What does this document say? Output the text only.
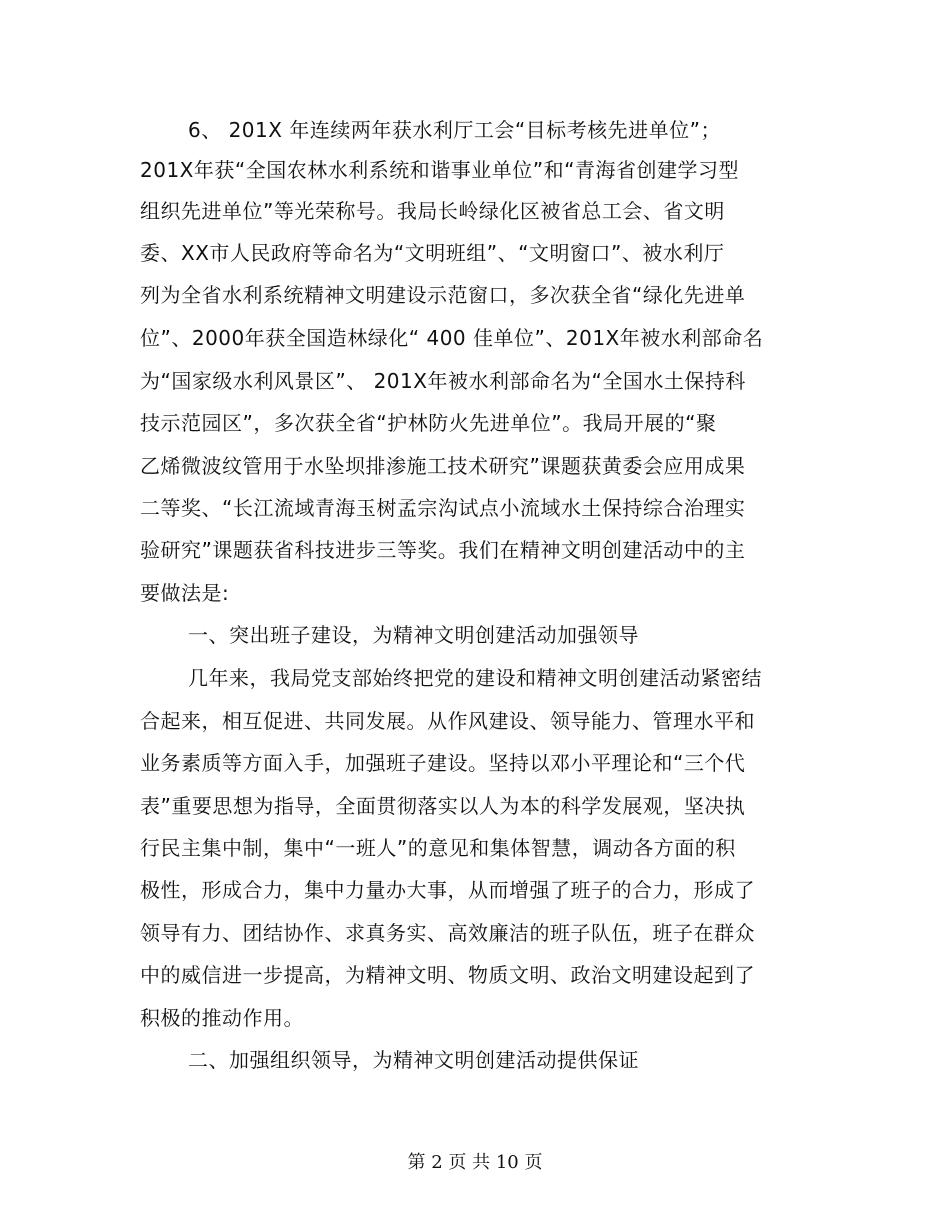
6、 201X 年连续两年获水利厅工会“目标考核先进单位”；
201X年获“全国农林水利系统和谐事业单位”和“青海省创建学习型
组织先进单位”等光荣称号。我局长岭绿化区被省总工会、省文明
委、XX市人民政府等命名为“文明班组”、“文明窗口”、被水利厅
列为全省水利系统精神文明建设示范窗口，多次获全省“绿化先进单
位”、2000年获全国造林绿化“ 400 佳单位”、201X年被水利部命名
为“国家级水利风景区”、 201X年被水利部命名为“全国水土保持科
技示范园区”，多次获全省“护林防火先进单位”。我局开展的“聚
乙烯微波纹管用于水坠坝排渗施工技术研究”课题获黄委会应用成果
二等奖、“长江流域青海玉树孟宗沟试点小流域水土保持综合治理实
验研究”课题获省科技进步三等奖。我们在精神文明创建活动中的主
要做法是:
一、突出班子建设，为精神文明创建活动加强领导
几年来，我局党支部始终把党的建设和精神文明创建活动紧密结
合起来，相互促进、共同发展。从作风建设、领导能力、管理水平和
业务素质等方面入手，加强班子建设。坚持以邓小平理论和“三个代
表”重要思想为指导，全面贯彻落实以人为本的科学发展观，坚决执
行民主集中制，集中“一班人”的意见和集体智慧，调动各方面的积
极性，形成合力，集中力量办大事，从而增强了班子的合力，形成了
领导有力、团结协作、求真务实、高效廉洁的班子队伍，班子在群众
中的威信进一步提高，为精神文明、物质文明、政治文明建设起到了
积极的推动作用。
二、加强组织领导，为精神文明创建活动提供保证
第 2 页 共 10 页
